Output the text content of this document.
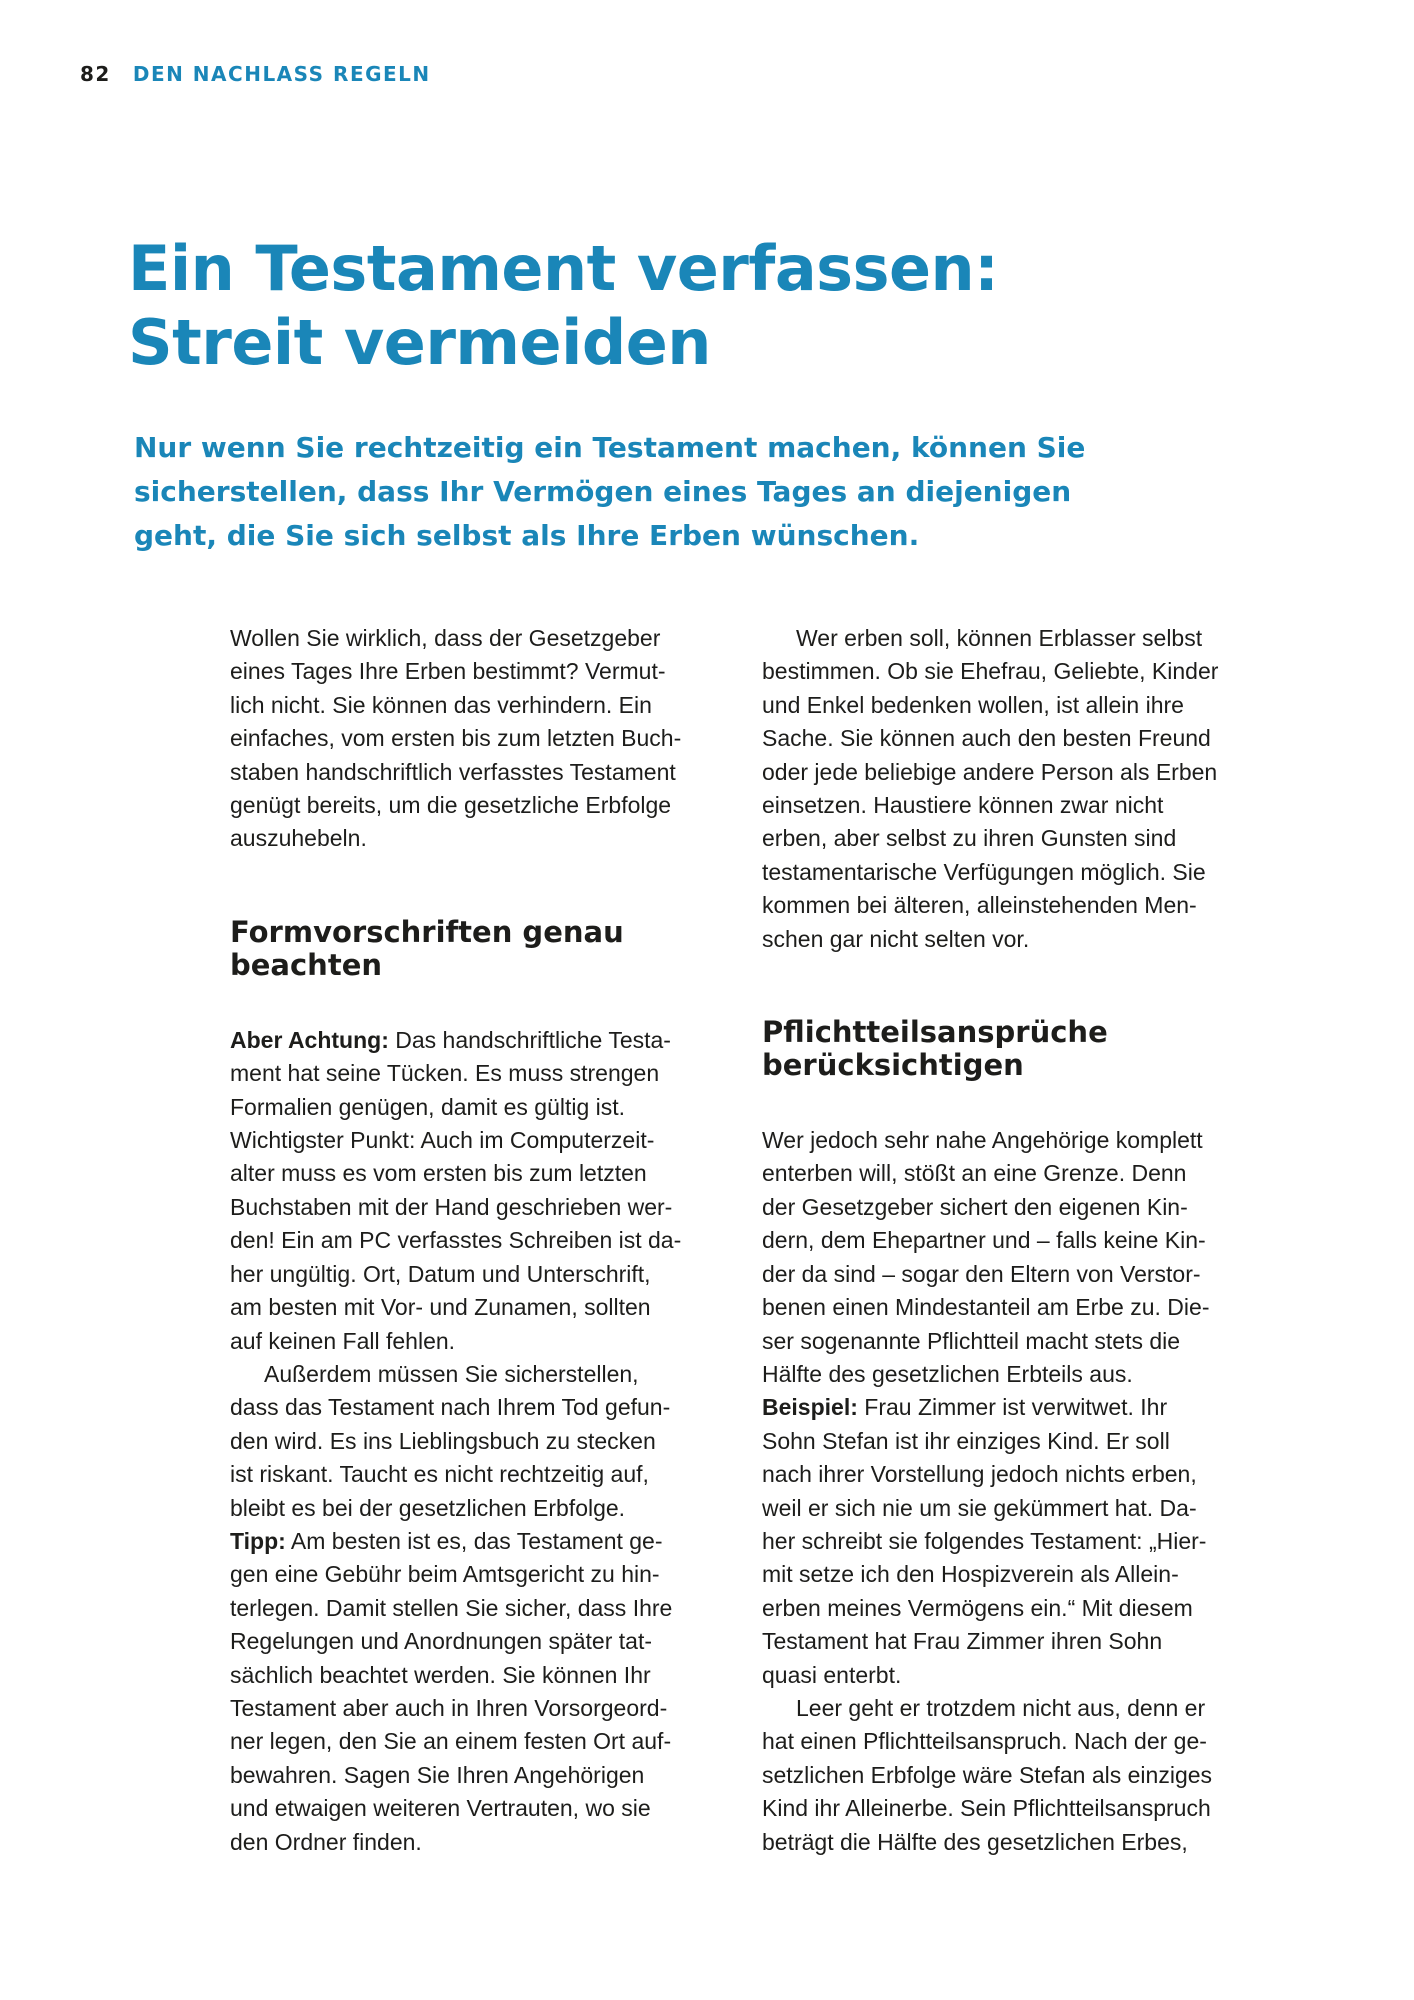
82 DEN NACHLASS REGELN
Ein Testament verfassen:
Streit vermeiden
Nur wenn Sie rechtzeitig ein Testament machen, können Sie
sicherstellen, dass Ihr Vermögen eines Tages an diejenigen
geht, die Sie sich selbst als Ihre Erben wünschen.

Wollen Sie wirklich, dass der Gesetzgeber
eines Tages Ihre Erben bestimmt? Vermut-
lich nicht. Sie können das verhindern. Ein
einfaches, vom ersten bis zum letzten Buch-
staben handschriftlich verfasstes Testament
genügt bereits, um die gesetzliche Erbfolge
auszuhebeln.

Formvorschriften genau
beachten

Aber Achtung: Das handschriftliche Testa-
ment hat seine Tücken. Es muss strengen
Formalien genügen, damit es gültig ist.
Wichtigster Punkt: Auch im Computerzeit-
alter muss es vom ersten bis zum letzten
Buchstaben mit der Hand geschrieben wer-
den! Ein am PC verfasstes Schreiben ist da-
her ungültig. Ort, Datum und Unterschrift,
am besten mit Vor- und Zunamen, sollten
auf keinen Fall fehlen.

Außerdem müssen Sie sicherstellen,
dass das Testament nach Ihrem Tod gefun-
den wird. Es ins Lieblingsbuch zu stecken
ist riskant. Taucht es nicht rechtzeitig auf,
bleibt es bei der gesetzlichen Erbfolge.

Tipp: Am besten ist es, das Testament ge-
gen eine Gebühr beim Amtsgericht zu hin-
terlegen. Damit stellen Sie sicher, dass Ihre
Regelungen und Anordnungen später tat-
sächlich beachtet werden. Sie können Ihr
Testament aber auch in Ihren Vorsorgeord-
ner legen, den Sie an einem festen Ort auf-
bewahren. Sagen Sie Ihren Angehörigen
und etwaigen weiteren Vertrauten, wo sie
den Ordner finden.

Wer erben soll, können Erblasser selbst
bestimmen. Ob sie Ehefrau, Geliebte, Kinder
und Enkel bedenken wollen, ist allein ihre
Sache. Sie können auch den besten Freund
oder jede beliebige andere Person als Erben
einsetzen. Haustiere können zwar nicht
erben, aber selbst zu ihren Gunsten sind
testamentarische Verfügungen möglich. Sie
kommen bei älteren, alleinstehenden Men-
schen gar nicht selten vor.

Pflichtteilsansprüche
berücksichtigen

Wer jedoch sehr nahe Angehörige komplett
enterben will, stößt an eine Grenze. Denn
der Gesetzgeber sichert den eigenen Kin-
dern, dem Ehepartner und – falls keine Kin-
der da sind – sogar den Eltern von Verstor-
benen einen Mindestanteil am Erbe zu. Die-
ser sogenannte Pflichtteil macht stets die
Hälfte des gesetzlichen Erbteils aus.

Beispiel: Frau Zimmer ist verwitwet. Ihr
Sohn Stefan ist ihr einziges Kind. Er soll
nach ihrer Vorstellung jedoch nichts erben,
weil er sich nie um sie gekümmert hat. Da-
her schreibt sie folgendes Testament: „Hier-
mit setze ich den Hospizverein als Allein-
erben meines Vermögens ein.“ Mit diesem
Testament hat Frau Zimmer ihren Sohn
quasi enterbt.

Leer geht er trotzdem nicht aus, denn er
hat einen Pflichtteilsanspruch. Nach der ge-
setzlichen Erbfolge wäre Stefan als einziges
Kind ihr Alleinerbe. Sein Pflichtteilsanspruch
beträgt die Hälfte des gesetzlichen Erbes,
